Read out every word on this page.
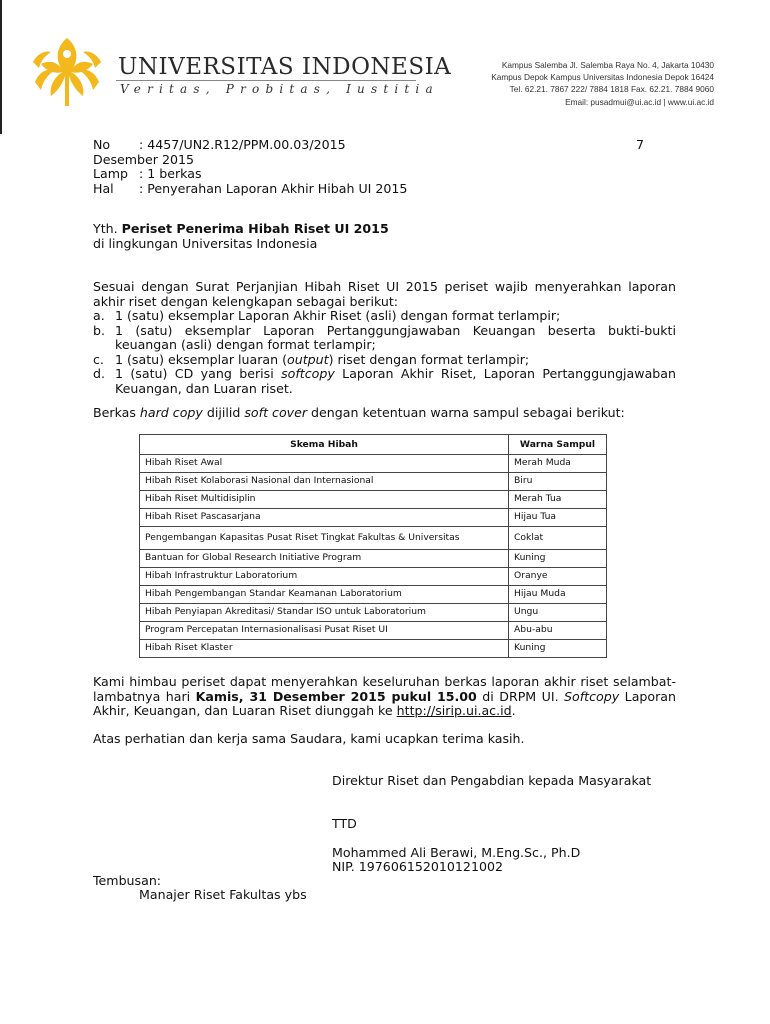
UNIVERSITAS INDONESIA
Veritas, Probitas, Iustitia
Kampus Salemba Jl. Salemba Raya No. 4, Jakarta 10430
Kampus Depok Kampus Universitas Indonesia Depok 16424
Tel. 62.21. 7867 222/ 7884 1818 Fax. 62.21. 7884 9060
Email: pusadmui@ui.ac.id | www.ui.ac.id
No : 4457/UN2.R12/PPM.00.03/2015	7
Desember 2015
Lamp : 1 berkas
Hal : Penyerahan Laporan Akhir Hibah UI 2015
Yth. Periset Penerima Hibah Riset UI 2015
di lingkungan Universitas Indonesia
Sesuai dengan Surat Perjanjian Hibah Riset UI 2015 periset wajib menyerahkan laporan akhir riset dengan kelengkapan sebagai berikut:
a. 1 (satu) eksemplar Laporan Akhir Riset (asli) dengan format terlampir;
b. 1 (satu) eksemplar Laporan Pertanggungjawaban Keuangan beserta bukti-bukti keuangan (asli) dengan format terlampir;
c. 1 (satu) eksemplar luaran (output) riset dengan format terlampir;
d. 1 (satu) CD yang berisi softcopy Laporan Akhir Riset, Laporan Pertanggungjawaban Keuangan, dan Luaran riset.
Berkas hard copy dijilid soft cover dengan ketentuan warna sampul sebagai berikut:
Skema Hibah	Warna Sampul
Hibah Riset Awal	Merah Muda
Hibah Riset Kolaborasi Nasional dan Internasional	Biru
Hibah Riset Multidisiplin	Merah Tua
Hibah Riset Pascasarjana	Hijau Tua
Pengembangan Kapasitas Pusat Riset Tingkat Fakultas & Universitas	Coklat
Bantuan for Global Research Initiative Program	Kuning
Hibah Infrastruktur Laboratorium	Oranye
Hibah Pengembangan Standar Keamanan Laboratorium	Hijau Muda
Hibah Penyiapan Akreditasi/ Standar ISO untuk Laboratorium	Ungu
Program Percepatan Internasionalisasi Pusat Riset UI	Abu-abu
Hibah Riset Klaster	Kuning
Kami himbau periset dapat menyerahkan keseluruhan berkas laporan akhir riset selambat-lambatnya hari Kamis, 31 Desember 2015 pukul 15.00 di DRPM UI. Softcopy Laporan Akhir, Keuangan, dan Luaran Riset diunggah ke http://sirip.ui.ac.id.
Atas perhatian dan kerja sama Saudara, kami ucapkan terima kasih.
Direktur Riset dan Pengabdian kepada Masyarakat
TTD
Mohammed Ali Berawi, M.Eng.Sc., Ph.D
NIP. 197606152010121002
Tembusan:
Manajer Riset Fakultas ybs
